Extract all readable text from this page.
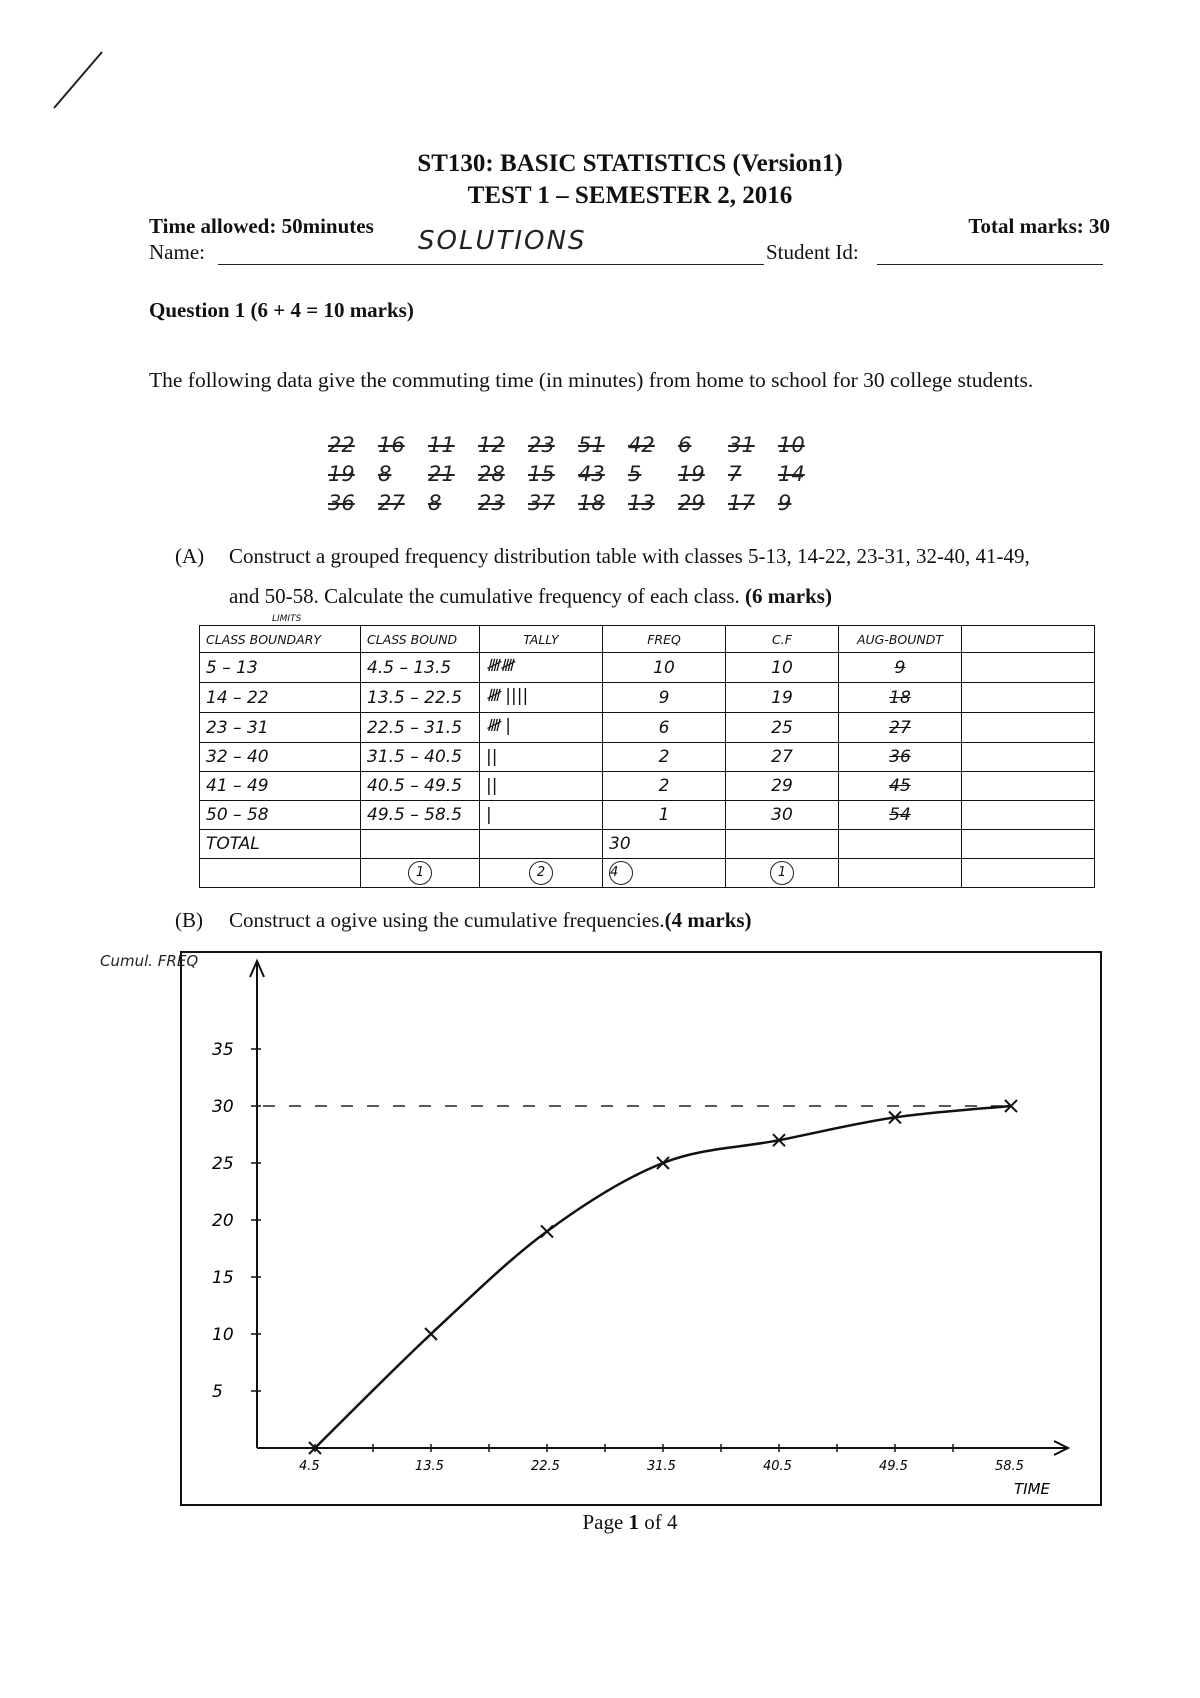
ST130: BASIC STATISTICS (Version1)
TEST 1 – SEMESTER 2, 2016
Time allowed: 50minutes	Total marks: 30
Name:	SOLUTIONS	Student Id:
Question 1 (6 + 4 = 10 marks)
The following data give the commuting time (in minutes) from home to school for 30 college students.
22	16	11	12	23	51	42	6	31	10
19	8	21	28	15	43	5	19	7	14
36	27	8	23	37	18	13	29	17	9
(A) Construct a grouped frequency distribution table with classes 5-13, 14-22, 23-31, 32-40, 41-49,
and 50-58. Calculate the cumulative frequency of each class. (6 marks)
LIMITS
CLASS BOUNDARY	CLASS BOUND	TALLY	FREQ	C.F	AUG-BOUNDT	
5 – 13	4.5 – 13.5	𝍸𝍸	10	10	9	
14 – 22	13.5 – 22.5	𝍸 ||||	9	19	18	
23 – 31	22.5 – 31.5	𝍸 |	6	25	27	
32 – 40	31.5 – 40.5	||	2	27	36	
41 – 49	40.5 – 49.5	||	2	29	45	
50 – 58	49.5 – 58.5	|	1	30	54	
TOTAL			30			
	1	2	4	1		
(B) Construct a ogive using the cumulative frequencies.(4 marks)
Cumul. FREQ
5
10
15
20
25
30
35
4.5	13.5	22.5	31.5	40.5	49.5	58.5
TIME
Page 1 of 4
